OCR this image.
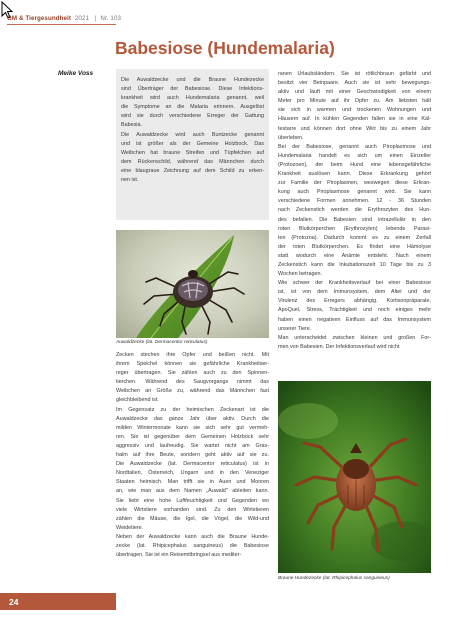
GM & Tiergesundheit 2021 | Nr. 103
Babesiose (Hundemalaria)
Meike Voss
Die Auwaldzecke und die Braune Hundezecke
sind Überträger der Babesiose. Diese Infektions-
krankheit wird auch Hundemalaria genannt, weil
die Symptome an die Malaria erinnern. Ausgelöst
wird sie durch verschiedene Erreger der Gattung
Babesia.
Die Auwaldzecke wird auch Buntzecke genannt
und ist größer als der Gemeine Holzbock. Das
Weibchen hat braune Streifen und Tüpfelchen auf
dem Rückenschild, während das Männchen durch
eine blaugraue Zeichnung auf dem Schild zu erken-
nen ist.
Auwaldzecke (lat. Dermacentor reticulatus)
Zecken stechen ihre Opfer und beißen nicht. Mit
ihrem Speichel können sie gefährliche Krankheitser-
reger übertragen. Sie zählen auch zu den Spinnen-
tierchen. Während des Saugvorgangs nimmt das
Weibchen an Größe zu, während das Männchen fast
gleichbleibend ist.
Im Gegensatz zu der heimischen Zeckenart ist die
Auwaldzecke das ganze Jahr über aktiv. Durch die
milden Wintermonate kann sie sich sehr gut vermeh-
ren. Sie ist gegenüber dem Gemeinen Holzbock sehr
aggressiv und laufreudig. Sie wartet nicht am Gras-
halm auf ihre Beute, sondern geht aktiv auf sie zu.
Die Auwaldzecke (lat. Dermacentor reticulatus) ist in
Nordtalien, Österreich, Ungarn und in den Veneziger
Staaten heimisch. Man trifft sie in Auen und Mooren
an, wie man aus dem Namen „Auwald" ableiten kann.
Sie liebt eine hohe Luftfeuchtigkeit und Gegenden wo
viele Wirtstiere vorhanden sind. Zu den Wirtstieren
zählen die Mäuse, die Igel, die Vögel, die Wild-und
Weidetiere.
Neben der Auwaldzecke kann auch die Braune Hunde-
zecke (lat. Rhipicephalus sanguineus) die Babesiose
übertragen. Sie ist ein Reisemitbringsel aus mediter-
ranen Urlaubsländern. Sie ist rötlichbraun gefärbt und
besitzt vier Beinpaare. Auch sie ist sehr bewegungs-
aktiv und läuft mit einer Geschwindigkeit von einem
Meter pro Minute auf ihr Opfer zu. Am liebsten hält
sie sich in warmen und trockenen Wohnungen und
Häusern auf. In kühlen Gegenden fallen sie in eine Käl-
testarre und können dort ohne Wirt bis zu einem Jahr
überleben.
Bei der Babesiose, genannt auch Piroplasmose und
Hundemalaria handelt es sich um einen Einzeller
(Protozoen), der beim Hund eine lebensgefährliche
Krankheit auslösen kann. Diese Erkrankung gehört
zur Familie der Piroplasmen, weswegen diese Erkran-
kung auch Piroplasmose genannt wird. Sie kann
verschiedene Formen annehmen. 12 - 36 Stunden
nach Zeckenstich werden die Erythrozyten des Hun-
des befallen. Die Babesien sind intrazellulär in den
roten Blutkörperchen (Erythrozyten) lebende Parasi-
ten (Protozoa). Dadurch kommt es zu einem Zerfall
der roten Blutkörperchen. Es findet eine Hämolyse
statt wodurch eine Anämie entsteht. Nach einem
Zeckenstich kann die Inkubationszeit 10 Tage bis zu 3
Wochen betragen.
Wie schwer der Krankheitsverlauf bei einer Babesiose
ist, ist von dem Immunsystem, dem Alter und der
Virulenz des Erregers abhängig. Kortisonpräparate,
ApoQuel, Stress, Trächtigkeit und noch einiges mehr
haben einen negativen Einfluss auf das Immunsystem
unserer Tiere.
Man unterscheidet zwischen kleinen und großen For-
men von Babesien. Der Infektionsverlauf wird nicht
Braune Hundezecke (lat. Rhipicephalus sanguineus)
24
